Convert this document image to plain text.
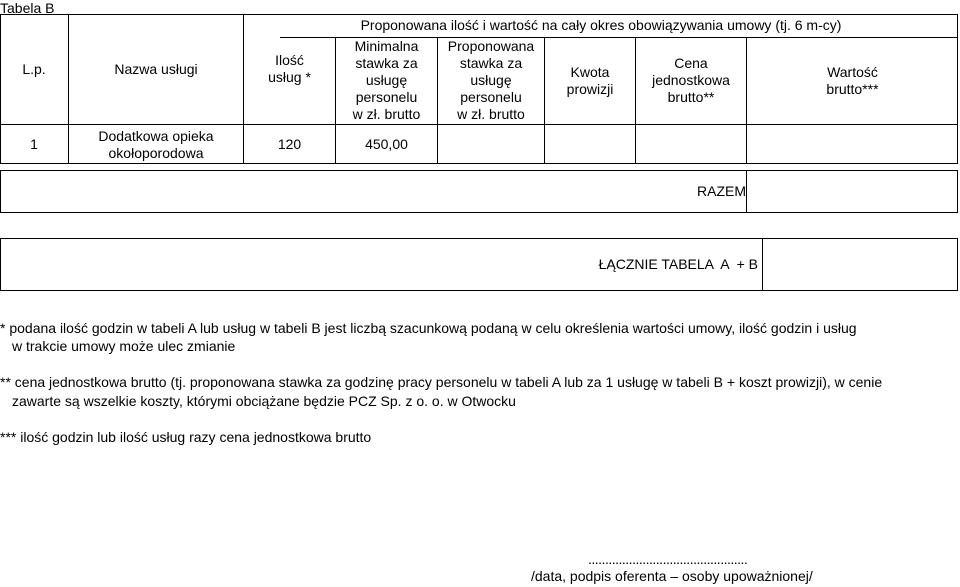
Tabela B
L.p.	Nazwa usługi
Ilość
usług *
Proponowana ilość i wartość na cały okres obowiązywania umowy (tj. 6 m-cy)
Minimalna
stawka za
usługę
personelu
w zł. brutto
Proponowana
stawka za
usługę
personelu
w zł. brutto
Kwota
prowizji
Cena
jednostkowa
brutto**
Wartość
brutto***
1
Dodatkowa opieka
okołoporodowa
120	450,00
RAZEM
ŁĄCZNIE TABELA  A  + B
* podana ilość godzin w tabeli A lub usług w tabeli B jest liczbą szacunkową podaną w celu określenia wartości umowy, ilość godzin i usług
w trakcie umowy może ulec zmianie
** cena jednostkowa brutto (tj. proponowana stawka za godzinę pracy personelu w tabeli A lub za 1 usługę w tabeli B + koszt prowizji), w cenie
zawarte są wszelkie koszty, którymi obciążane będzie PCZ Sp. z o. o. w Otwocku
*** ilość godzin lub ilość usług razy cena jednostkowa brutto
...............................................
/data, podpis oferenta – osoby upoważnionej/
